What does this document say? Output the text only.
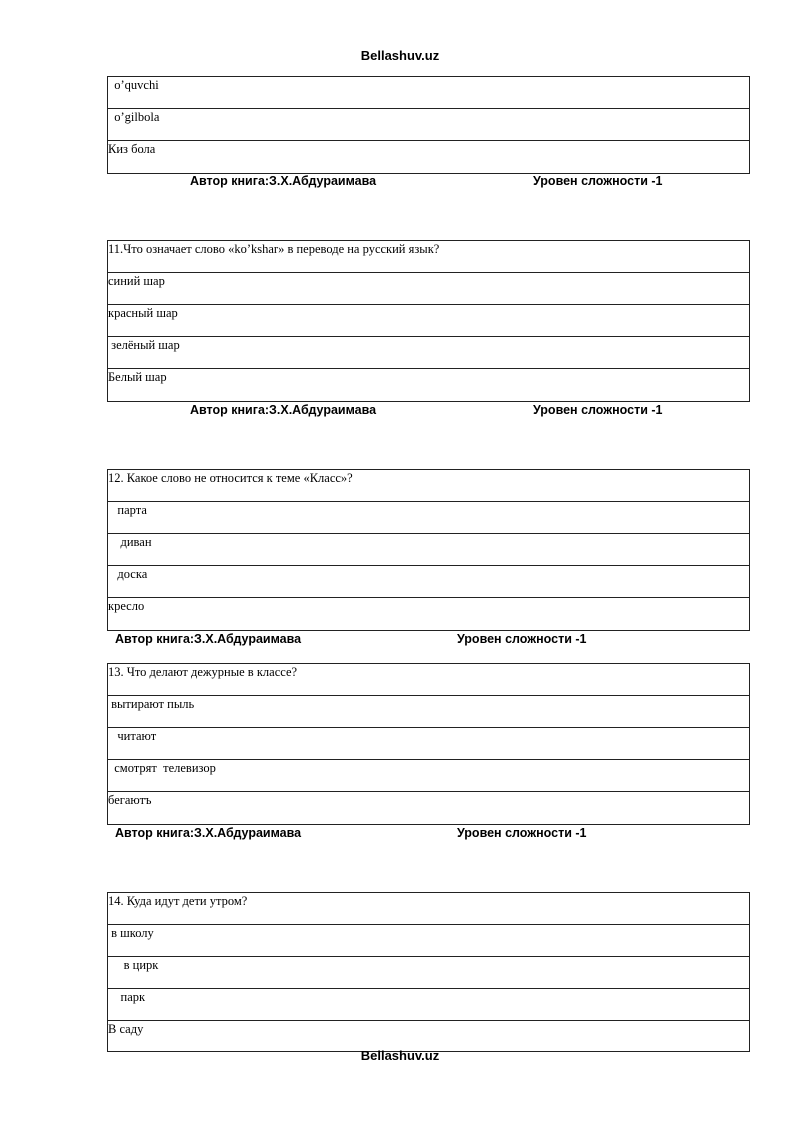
Bellashuv.uz
o’quvchi
o’gilbola
Киз бола
Автор книга:З.Х.Абдураимава	Уровен сложности -1
11.Что означает слово «ko’kshar» в переводе на русский язык?
синий шар
красный шар
зелёный шар
Белый шар
Автор книга:З.Х.Абдураимава	Уровен сложности -1
12. Какое слово не относится к теме «Класс»?
парта
диван
доска
кресло
Автор книга:З.Х.Абдураимава	Уровен сложности -1
13. Что делают дежурные в классе?
вытирают пыль
читают
смотрят  телевизор
бегаютъ
Автор книга:З.Х.Абдураимава	Уровен сложности -1
14. Куда идут дети утром?
в школу
в цирк
парк
В саду
Bellashuv.uz
